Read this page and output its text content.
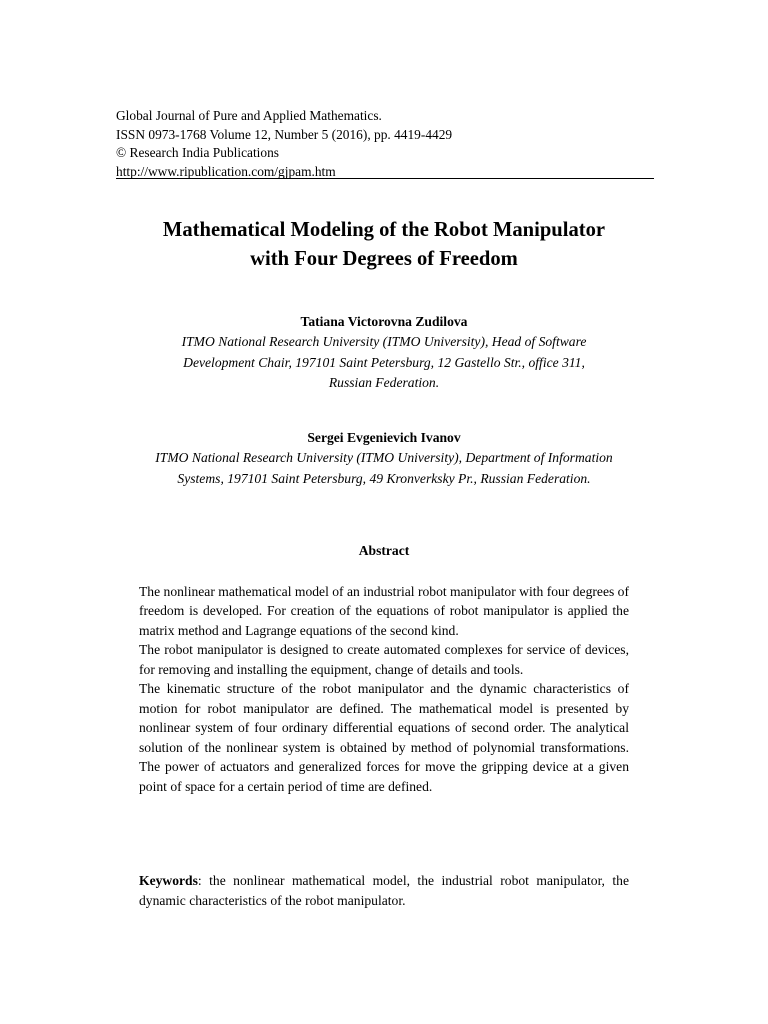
Global Journal of Pure and Applied Mathematics.
ISSN 0973-1768 Volume 12, Number 5 (2016), pp. 4419-4429
© Research India Publications
http://www.ripublication.com/gjpam.htm
Mathematical Modeling of the Robot Manipulator
with Four Degrees of Freedom
Tatiana Victorovna Zudilova
ITMO National Research University (ITMO University), Head of Software
Development Chair, 197101 Saint Petersburg, 12 Gastello Str., office 311,
Russian Federation.
Sergei Evgenievich Ivanov
ITMO National Research University (ITMO University), Department of Information
Systems, 197101 Saint Petersburg, 49 Kronverksky Pr., Russian Federation.
Abstract

The nonlinear mathematical model of an industrial robot manipulator with four degrees of freedom is developed. For creation of the equations of robot manipulator is applied the matrix method and Lagrange equations of the second kind.

The robot manipulator is designed to create automated complexes for service of devices, for removing and installing the equipment, change of details and tools.

The kinematic structure of the robot manipulator and the dynamic characteristics of motion for robot manipulator are defined. The mathematical model is presented by nonlinear system of four ordinary differential equations of second order. The analytical solution of the nonlinear system is obtained by method of polynomial transformations. The power of actuators and generalized forces for move the gripping device at a given point of space for a certain period of time are defined.

Keywords: the nonlinear mathematical model, the industrial robot manipulator, the dynamic characteristics of the robot manipulator.
